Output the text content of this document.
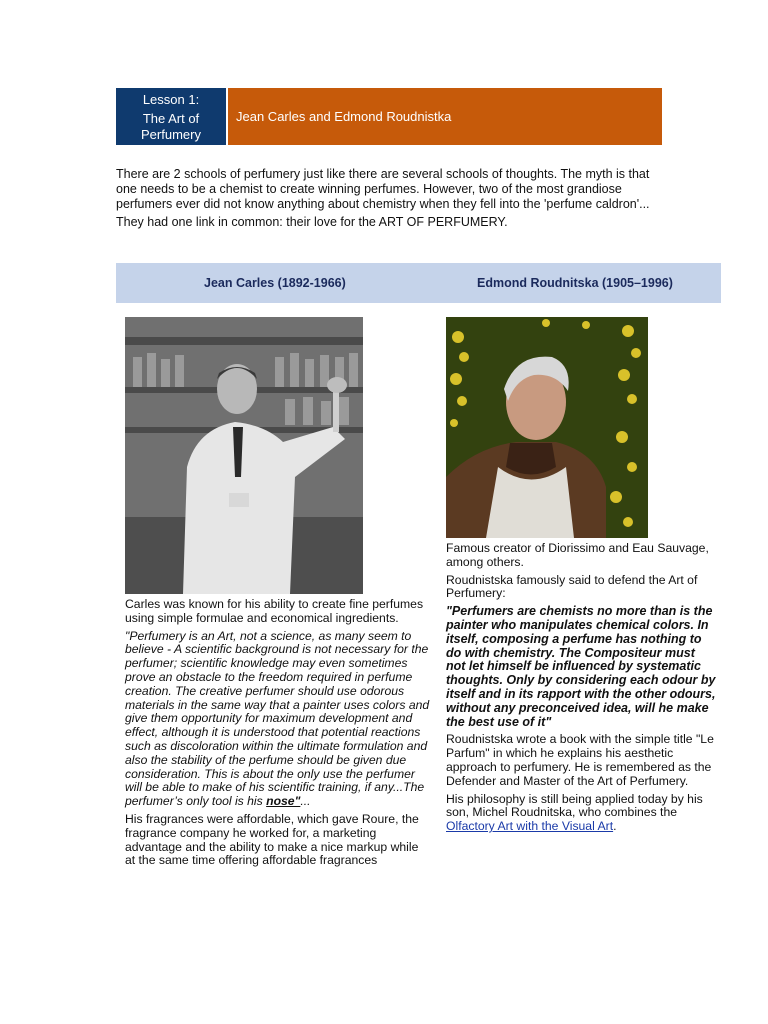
Lesson 1:
The Art of
Perfumery
Jean Carles and Edmond Roudnistka

There are 2 schools of perfumery just like there are several schools of thoughts. The myth is that one needs to be a chemist to create winning perfumes. However, two of the most grandiose perfumers ever did not know anything about chemistry when they fell into the 'perfume caldron'...

They had one link in common: their love for the ART OF PERFUMERY.

Jean Carles (1892-1966)	Edmond Roudnitska (1905–1996)

Carles was known for his ability to create fine perfumes using simple formulae and economical ingredients.

"Perfumery is an Art, not a science, as many seem to believe - A scientific background is not necessary for the perfumer; scientific knowledge may even sometimes prove an obstacle to the freedom required in perfume creation. The creative perfumer should use odorous materials in the same way that a painter uses colors and give them opportunity for maximum development and effect, although it is understood that potential reactions such as discoloration within the ultimate formulation and also the stability of the perfume should be given due consideration. This is about the only use the perfumer will be able to make of his scientific training, if any...The perfumer’s only tool is his nose"...

His fragrances were affordable, which gave Roure, the fragrance company he worked for, a marketing advantage and the ability to make a nice markup while at the same time offering affordable fragrances

Famous creator of Diorissimo and Eau Sauvage, among others.

Roudnistska famously said to defend the Art of Perfumery:

"Perfumers are chemists no more than is the painter who manipulates chemical colors. In itself, composing a perfume has nothing to do with chemistry. The Compositeur must not let himself be influenced by systematic thoughts. Only by considering each odour by itself and in its rapport with the other odours, without any preconceived idea, will he make the best use of it"

Roudnistska wrote a book with the simple title "Le Parfum" in which he explains his aesthetic approach to perfumery. He is remembered as the Defender and Master of the Art of Perfumery.

His philosophy is still being applied today by his son, Michel Roudnitska, who combines the Olfactory Art with the Visual Art.
